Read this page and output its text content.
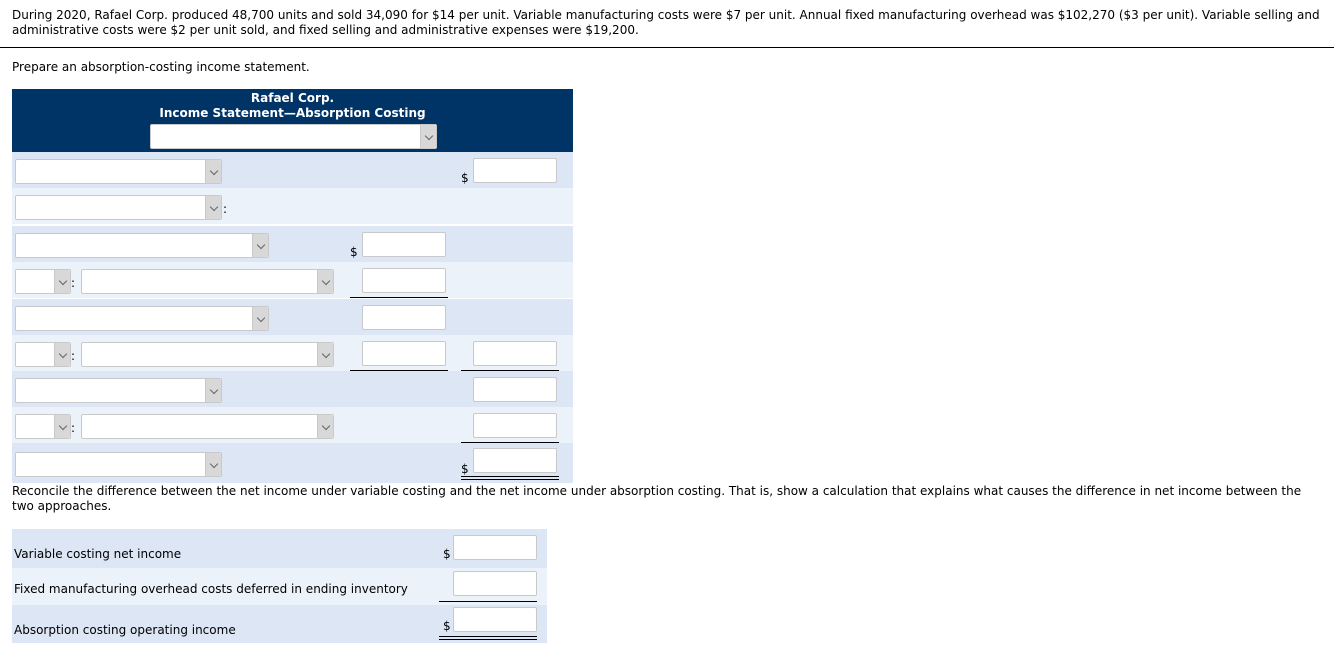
During 2020, Rafael Corp. produced 48,700 units and sold 34,090 for $14 per unit. Variable manufacturing costs were $7 per unit. Annual fixed manufacturing overhead was $102,270 ($3 per unit). Variable selling and administrative costs were $2 per unit sold, and fixed selling and administrative expenses were $19,200.
Prepare an absorption-costing income statement.
Rafael Corp.
Income Statement—Absorption Costing
$
:
$
:
:
:
$
Reconcile the difference between the net income under variable costing and the net income under absorption costing. That is, show a calculation that explains what causes the difference in net income between the two approaches.
Variable costing net income	$
Fixed manufacturing overhead costs deferred in ending inventory
Absorption costing operating income	$
